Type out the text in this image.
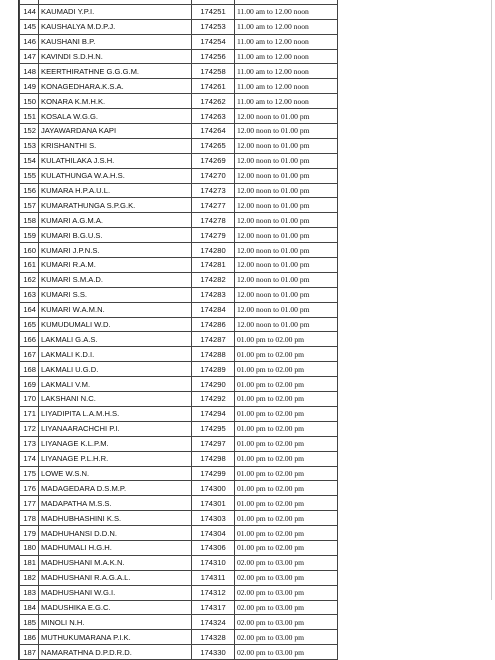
144	KAUMADI Y.P.I.	174251	11.00 am to 12.00 noon
145	KAUSHALYA M.D.P.J.	174253	11.00 am to 12.00 noon
146	KAUSHANI B.P.	174254	11.00 am to 12.00 noon
147	KAVINDI S.D.H.N.	174256	11.00 am to 12.00 noon
148	KEERTHIRATHNE G.G.G.M.	174258	11.00 am to 12.00 noon
149	KONAGEDHARA.K.S.A.	174261	11.00 am to 12.00 noon
150	KONARA K.M.H.K.	174262	11.00 am to 12.00 noon
151	KOSALA W.G.G.	174263	12.00 noon to 01.00 pm
152	JAYAWARDANA KAPI	174264	12.00 noon to 01.00 pm
153	KRISHANTHI S.	174265	12.00 noon to 01.00 pm
154	KULATHILAKA J.S.H.	174269	12.00 noon to 01.00 pm
155	KULATHUNGA W.A.H.S.	174270	12.00 noon to 01.00 pm
156	KUMARA H.P.A.U.L.	174273	12.00 noon to 01.00 pm
157	KUMARATHUNGA S.P.G.K.	174277	12.00 noon to 01.00 pm
158	KUMARI A.G.M.A.	174278	12.00 noon to 01.00 pm
159	KUMARI B.G.U.S.	174279	12.00 noon to 01.00 pm
160	KUMARI J.P.N.S.	174280	12.00 noon to 01.00 pm
161	KUMARI R.A.M.	174281	12.00 noon to 01.00 pm
162	KUMARI S.M.A.D.	174282	12.00 noon to 01.00 pm
163	KUMARI S.S.	174283	12.00 noon to 01.00 pm
164	KUMARI W.A.M.N.	174284	12.00 noon to 01.00 pm
165	KUMUDUMALI W.D.	174286	12.00 noon to 01.00 pm
166	LAKMALI G.A.S.	174287	01.00 pm to 02.00 pm
167	LAKMALI K.D.I.	174288	01.00 pm to 02.00 pm
168	LAKMALI U.G.D.	174289	01.00 pm to 02.00 pm
169	LAKMALI V.M.	174290	01.00 pm to 02.00 pm
170	LAKSHANI N.C.	174292	01.00 pm to 02.00 pm
171	LIYADIPITA L.A.M.H.S.	174294	01.00 pm to 02.00 pm
172	LIYANAARACHCHI P.I.	174295	01.00 pm to 02.00 pm
173	LIYANAGE K.L.P.M.	174297	01.00 pm to 02.00 pm
174	LIYANAGE P.L.H.R.	174298	01.00 pm to 02.00 pm
175	LOWE W.S.N.	174299	01.00 pm to 02.00 pm
176	MADAGEDARA D.S.M.P.	174300	01.00 pm to 02.00 pm
177	MADAPATHA M.S.S.	174301	01.00 pm to 02.00 pm
178	MADHUBHASHINI K.S.	174303	01.00 pm to 02.00 pm
179	MADHUHANSI D.D.N.	174304	01.00 pm to 02.00 pm
180	MADHUMALI H.G.H.	174306	01.00 pm to 02.00 pm
181	MADHUSHANI M.A.K.N.	174310	02.00 pm to 03.00 pm
182	MADHUSHANI R.A.G.A.L.	174311	02.00 pm to 03.00 pm
183	MADHUSHANI W.G.I.	174312	02.00 pm to 03.00 pm
184	MADUSHIKA E.G.C.	174317	02.00 pm to 03.00 pm
185	MINOLI N.H.	174324	02.00 pm to 03.00 pm
186	MUTHUKUMARANA P.I.K.	174328	02.00 pm to 03.00 pm
187	NAMARATHNA D.P.D.R.D.	174330	02.00 pm to 03.00 pm
